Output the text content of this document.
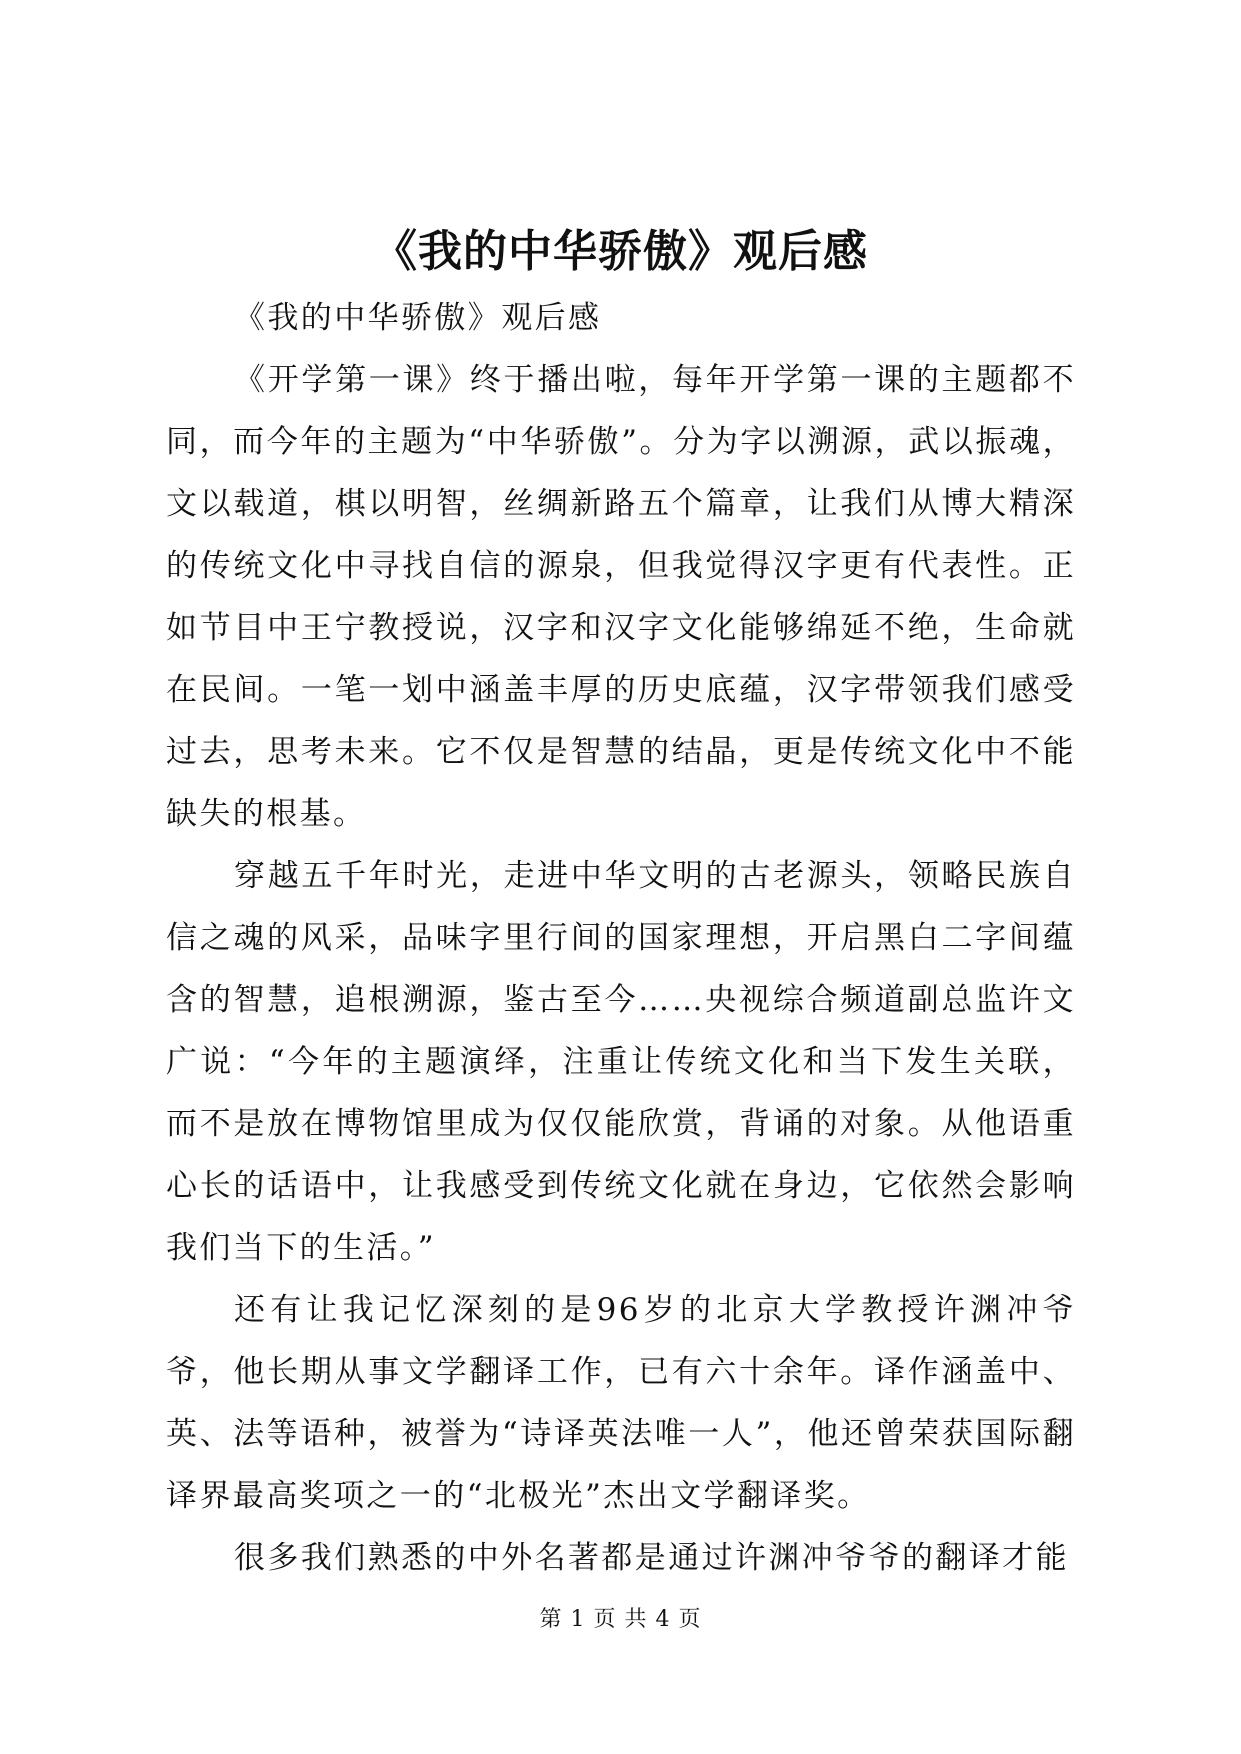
《我的中华骄傲》观后感

《我的中华骄傲》观后感

《开学第一课》终于播出啦，每年开学第一课的主题都不同，而今年的主题为“中华骄傲”。分为字以溯源，武以振魂，文以载道，棋以明智，丝绸新路五个篇章，让我们从博大精深的传统文化中寻找自信的源泉，但我觉得汉字更有代表性。正如节目中王宁教授说，汉字和汉字文化能够绵延不绝，生命就在民间。一笔一划中涵盖丰厚的历史底蕴，汉字带领我们感受过去，思考未来。它不仅是智慧的结晶，更是传统文化中不能缺失的根基。

穿越五千年时光，走进中华文明的古老源头，领略民族自信之魂的风采，品味字里行间的国家理想，开启黑白二字间蕴含的智慧，追根溯源，鉴古至今……央视综合频道副总监许文广说：“今年的主题演绎，注重让传统文化和当下发生关联，而不是放在博物馆里成为仅仅能欣赏，背诵的对象。从他语重心长的话语中，让我感受到传统文化就在身边，它依然会影响我们当下的生活。”

还有让我记忆深刻的是96岁的北京大学教授许渊冲爷爷，他长期从事文学翻译工作，已有六十余年。译作涵盖中、英、法等语种，被誉为“诗译英法唯一人”，他还曾荣获国际翻译界最高奖项之一的“北极光”杰出文学翻译奖。

很多我们熟悉的中外名著都是通过许渊冲爷爷的翻译才能

第 1 页 共 4 页
